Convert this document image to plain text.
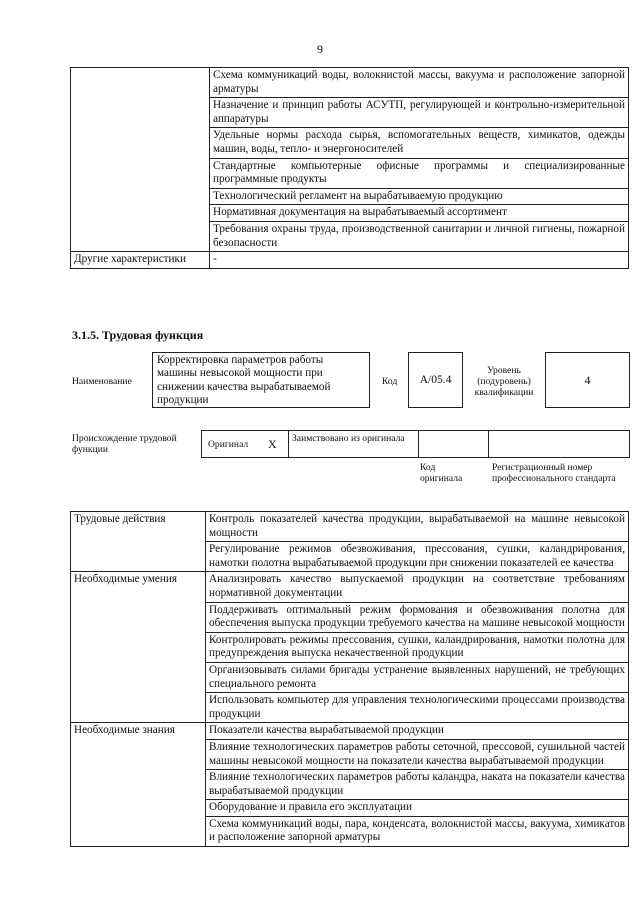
9
	Схема коммуникаций воды, волокнистой массы, вакуума и расположение запорной арматуры
	Назначение и принцип работы АСУТП, регулирующей и контрольно-измерительной аппаратуры
	Удельные нормы расхода сырья, вспомогательных веществ, химикатов, одежды машин, воды, тепло- и энергоносителей
	Стандартные компьютерные офисные программы и специализированные программные продукты
	Технологический регламент на вырабатываемую продукцию
	Нормативная документация на вырабатываемый ассортимент
	Требования охраны труда, производственной санитарии и личной гигиены, пожарной безопасности
Другие характеристики	-
3.1.5. Трудовая функция
Наименование
Корректировка параметров работы машины невысокой мощности при снижении качества вырабатываемой продукции
Код	A/05.4
Уровень (подуровень) квалификации
4
Происхождение трудовой функции	Оригинал X Заимствовано из оригинала
Код оригинала
Регистрационный номер профессионального стандарта
Трудовые действия	Контроль показателей качества продукции, вырабатываемой на машине невысокой мощности
	Регулирование режимов обезвоживания, прессования, сушки, каландрирования, намотки полотна вырабатываемой продукции при снижении показателей ее качества
Необходимые умения	Анализировать качество выпускаемой продукции на соответствие требованиям нормативной документации
	Поддерживать оптимальный режим формования и обезвоживания полотна для обеспечения выпуска продукции требуемого качества на машине невысокой мощности
	Контролировать режимы прессования, сушки, каландрирования, намотки полотна для предупреждения выпуска некачественной продукции
	Организовывать силами бригады устранение выявленных нарушений, не требующих специального ремонта
	Использовать компьютер для управления технологическими процессами производства продукции
Необходимые знания	Показатели качества вырабатываемой продукции
	Влияние технологических параметров работы сеточной, прессовой, сушильной частей машины невысокой мощности на показатели качества вырабатываемой продукции
	Влияние технологических параметров работы каландра, наката на показатели качества вырабатываемой продукции
	Оборудование и правила его эксплуатации
	Схема коммуникаций воды, пара, конденсата, волокнистой массы, вакуума, химикатов и расположение запорной арматуры
